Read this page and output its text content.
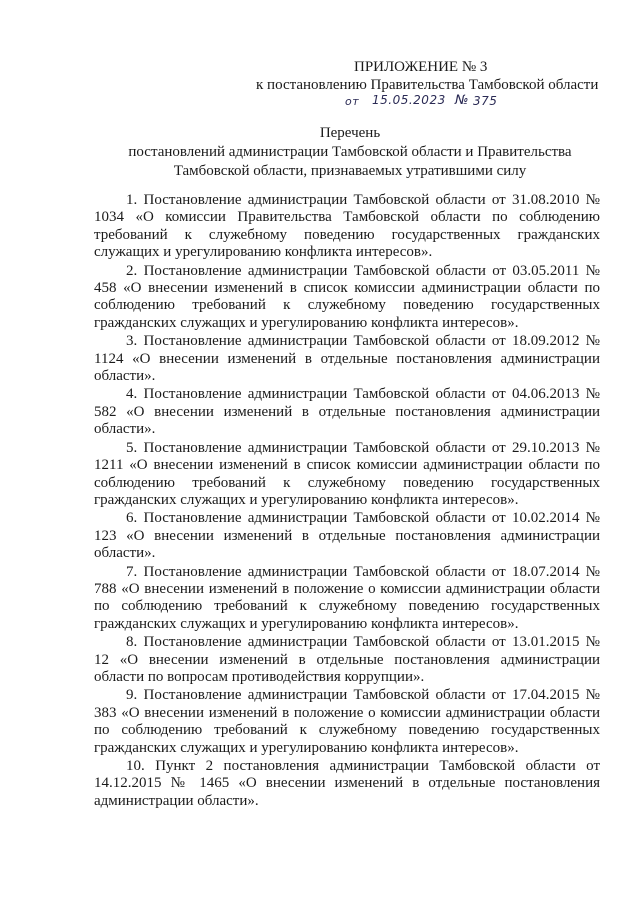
ПРИЛОЖЕНИЕ № 3
к постановлению Правительства Тамбовской области
от 15.05.2023 № 375
Перечень
постановлений администрации Тамбовской области и Правительства
Тамбовской области, признаваемых утратившими силу

1. Постановление администрации Тамбовской области от 31.08.2010 № 1034 «О комиссии Правительства Тамбовской области по соблюдению требований к служебному поведению государственных гражданских служащих и урегулированию конфликта интересов».

2. Постановление администрации Тамбовской области от 03.05.2011 № 458 «О внесении изменений в список комиссии администрации области по соблюдению требований к служебному поведению государственных гражданских служащих и урегулированию конфликта интересов».

3. Постановление администрации Тамбовской области от 18.09.2012 № 1124 «О внесении изменений в отдельные постановления администрации области».

4. Постановление администрации Тамбовской области от 04.06.2013 № 582 «О внесении изменений в отдельные постановления администрации области».

5. Постановление администрации Тамбовской области от 29.10.2013 № 1211 «О внесении изменений в список комиссии администрации области по соблюдению требований к служебному поведению государственных гражданских служащих и урегулированию конфликта интересов».

6. Постановление администрации Тамбовской области от 10.02.2014 № 123 «О внесении изменений в отдельные постановления администрации области».

7. Постановление администрации Тамбовской области от 18.07.2014 № 788 «О внесении изменений в положение о комиссии администрации области по соблюдению требований к служебному поведению государственных гражданских служащих и урегулированию конфликта интересов».

8. Постановление администрации Тамбовской области от 13.01.2015 № 12 «О внесении изменений в отдельные постановления администрации области по вопросам противодействия коррупции».

9. Постановление администрации Тамбовской области от 17.04.2015 № 383 «О внесении изменений в положение о комиссии администрации области по соблюдению требований к служебному поведению государственных гражданских служащих и урегулированию конфликта интересов».

10. Пункт 2 постановления администрации Тамбовской области от 14.12.2015 № 1465 «О внесении изменений в отдельные постановления администрации области».
